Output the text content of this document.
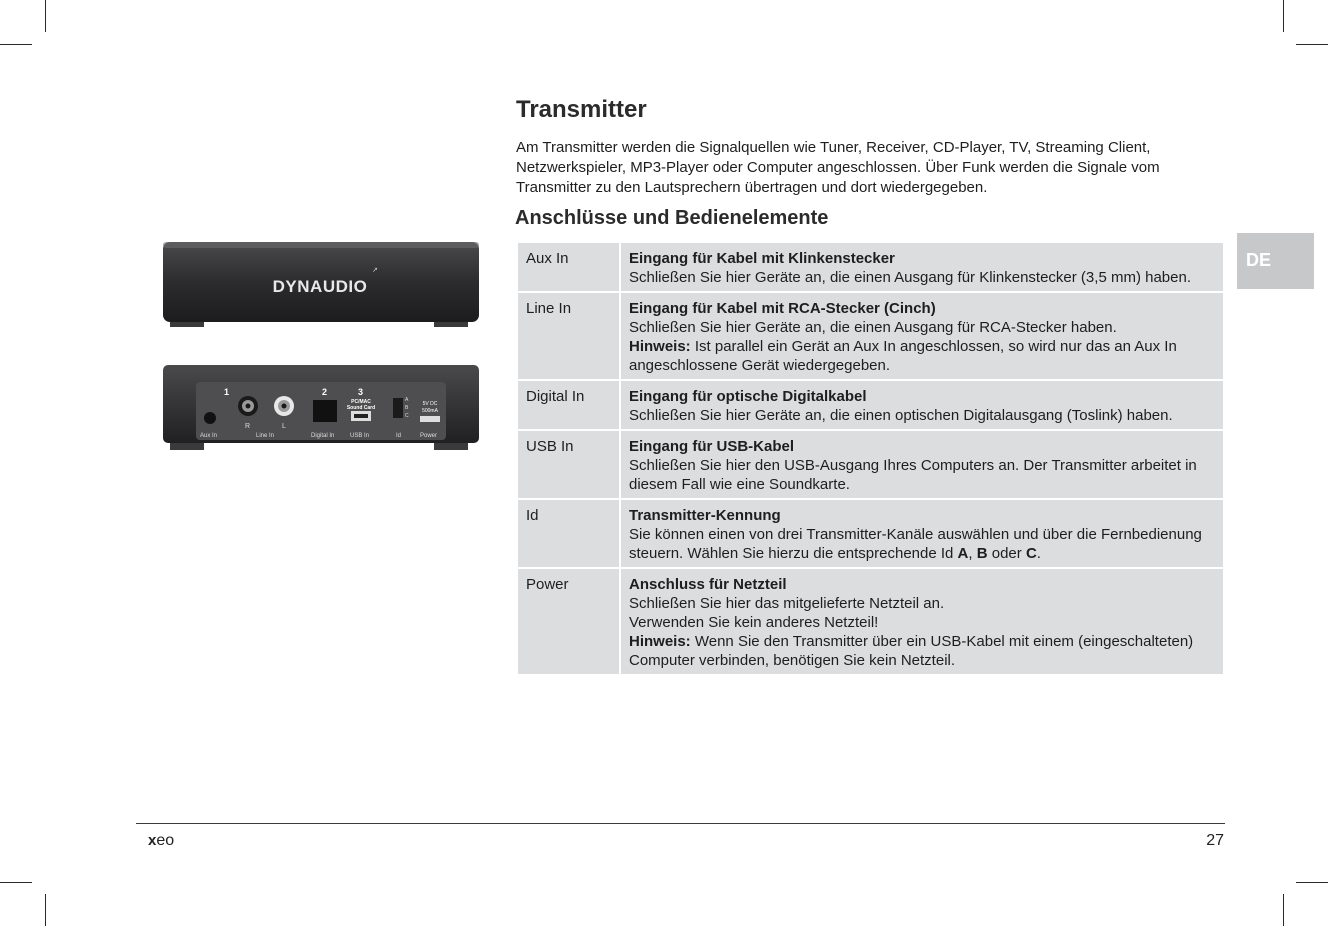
DYNAUDIO
↗
1	2	3
R	L
PC/MAC
Sound Card
A
B
C
5V DC
500mA
Aux In	Line In	Digital In	USB In	Id	Power
Transmitter

Am Transmitter werden die Signalquellen wie Tuner, Receiver, CD-Player, TV, Streaming Client, Netzwerkspieler, MP3-Player oder Computer angeschlossen. Über Funk werden die Signale vom Transmitter zu den Lautsprechern übertragen und dort wiedergegeben.

Anschlüsse und Bedienelemente
DE
Aux In	Eingang für Kabel mit Klinkenstecker
Schließen Sie hier Geräte an, die einen Ausgang für Klinkenstecker (3,5 mm) haben.

Line In	Eingang für Kabel mit RCA-Stecker (Cinch)
Schließen Sie hier Geräte an, die einen Ausgang für RCA-Stecker haben.
Hinweis: Ist parallel ein Gerät an Aux In angeschlossen, so wird nur das an Aux In angeschlossene Gerät wiedergegeben.

Digital In	Eingang für optische Digitalkabel
Schließen Sie hier Geräte an, die einen optischen Digitalausgang (Toslink) haben.

USB In	Eingang für USB-Kabel
Schließen Sie hier den USB-Ausgang Ihres Computers an. Der Transmitter arbeitet in diesem Fall wie eine Soundkarte.

Id	Transmitter-Kennung
Sie können einen von drei Transmitter-Kanäle auswählen und über die Fernbedienung steuern. Wählen Sie hierzu die entsprechende Id A, B oder C.

Power	Anschluss für Netzteil
Schließen Sie hier das mitgelieferte Netzteil an.
Verwenden Sie kein anderes Netzteil!
Hinweis: Wenn Sie den Transmitter über ein USB-Kabel mit einem (eingeschalteten) Computer verbinden, benötigen Sie kein Netzteil.
xeo	27
